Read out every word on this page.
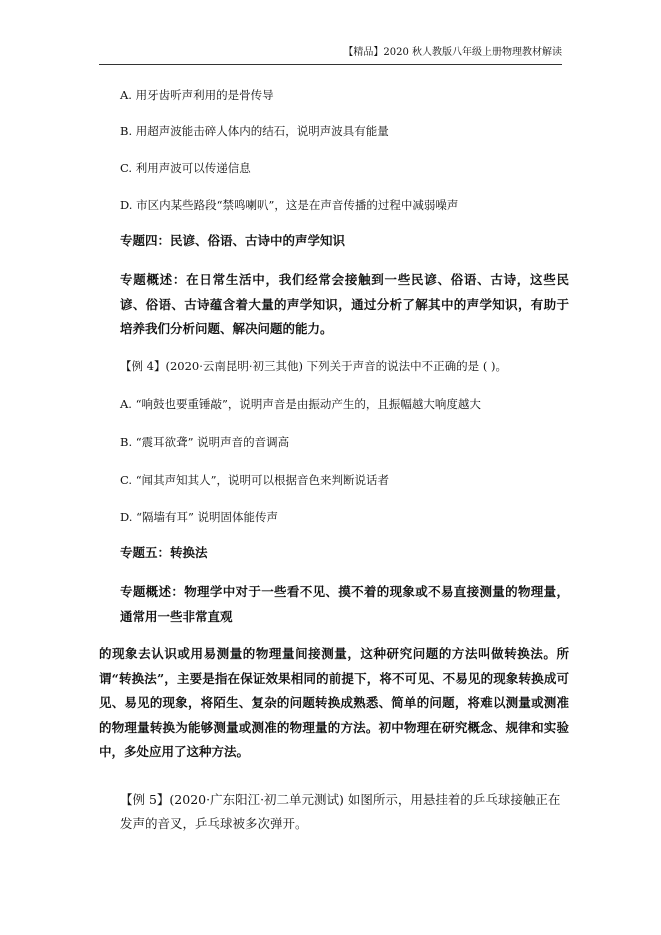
【精品】2020 秋人教版八年级上册物理教材解读
A. 用牙齿听声利用的是骨传导
B. 用超声波能击碎人体内的结石，说明声波具有能量
C. 利用声波可以传递信息
D. 市区内某些路段“禁鸣喇叭”，这是在声音传播的过程中减弱噪声
专题四：民谚、俗语、古诗中的声学知识
专题概述：在日常生活中，我们经常会接触到一些民谚、俗语、古诗，这些民谚、俗语、古诗蕴含着大量的声学知识，通过分析了解其中的声学知识，有助于培养我们分析问题、解决问题的能力。
【例 4】(2020·云南昆明·初三其他) 下列关于声音的说法中不正确的是 ( )。
A. “响鼓也要重锤敲”，说明声音是由振动产生的，且振幅越大响度越大
B. “震耳欲聋” 说明声音的音调高
C. “闻其声知其人”，说明可以根据音色来判断说话者
D. “隔墙有耳” 说明固体能传声
专题五：转换法
专题概述：物理学中对于一些看不见、摸不着的现象或不易直接测量的物理量，通常用一些非常直观
的现象去认识或用易测量的物理量间接测量，这种研究问题的方法叫做转换法。所谓“转换法”，主要是指在保证效果相同的前提下，将不可见、不易见的现象转换成可见、易见的现象，将陌生、复杂的问题转换成熟悉、简单的问题，将难以测量或测准的物理量转换为能够测量或测准的物理量的方法。初中物理在研究概念、规律和实验中，多处应用了这种方法。
【例 5】(2020·广东阳江·初二单元测试) 如图所示，用悬挂着的乒乓球接触正在发声的音叉，乒乓球被多次弹开。
